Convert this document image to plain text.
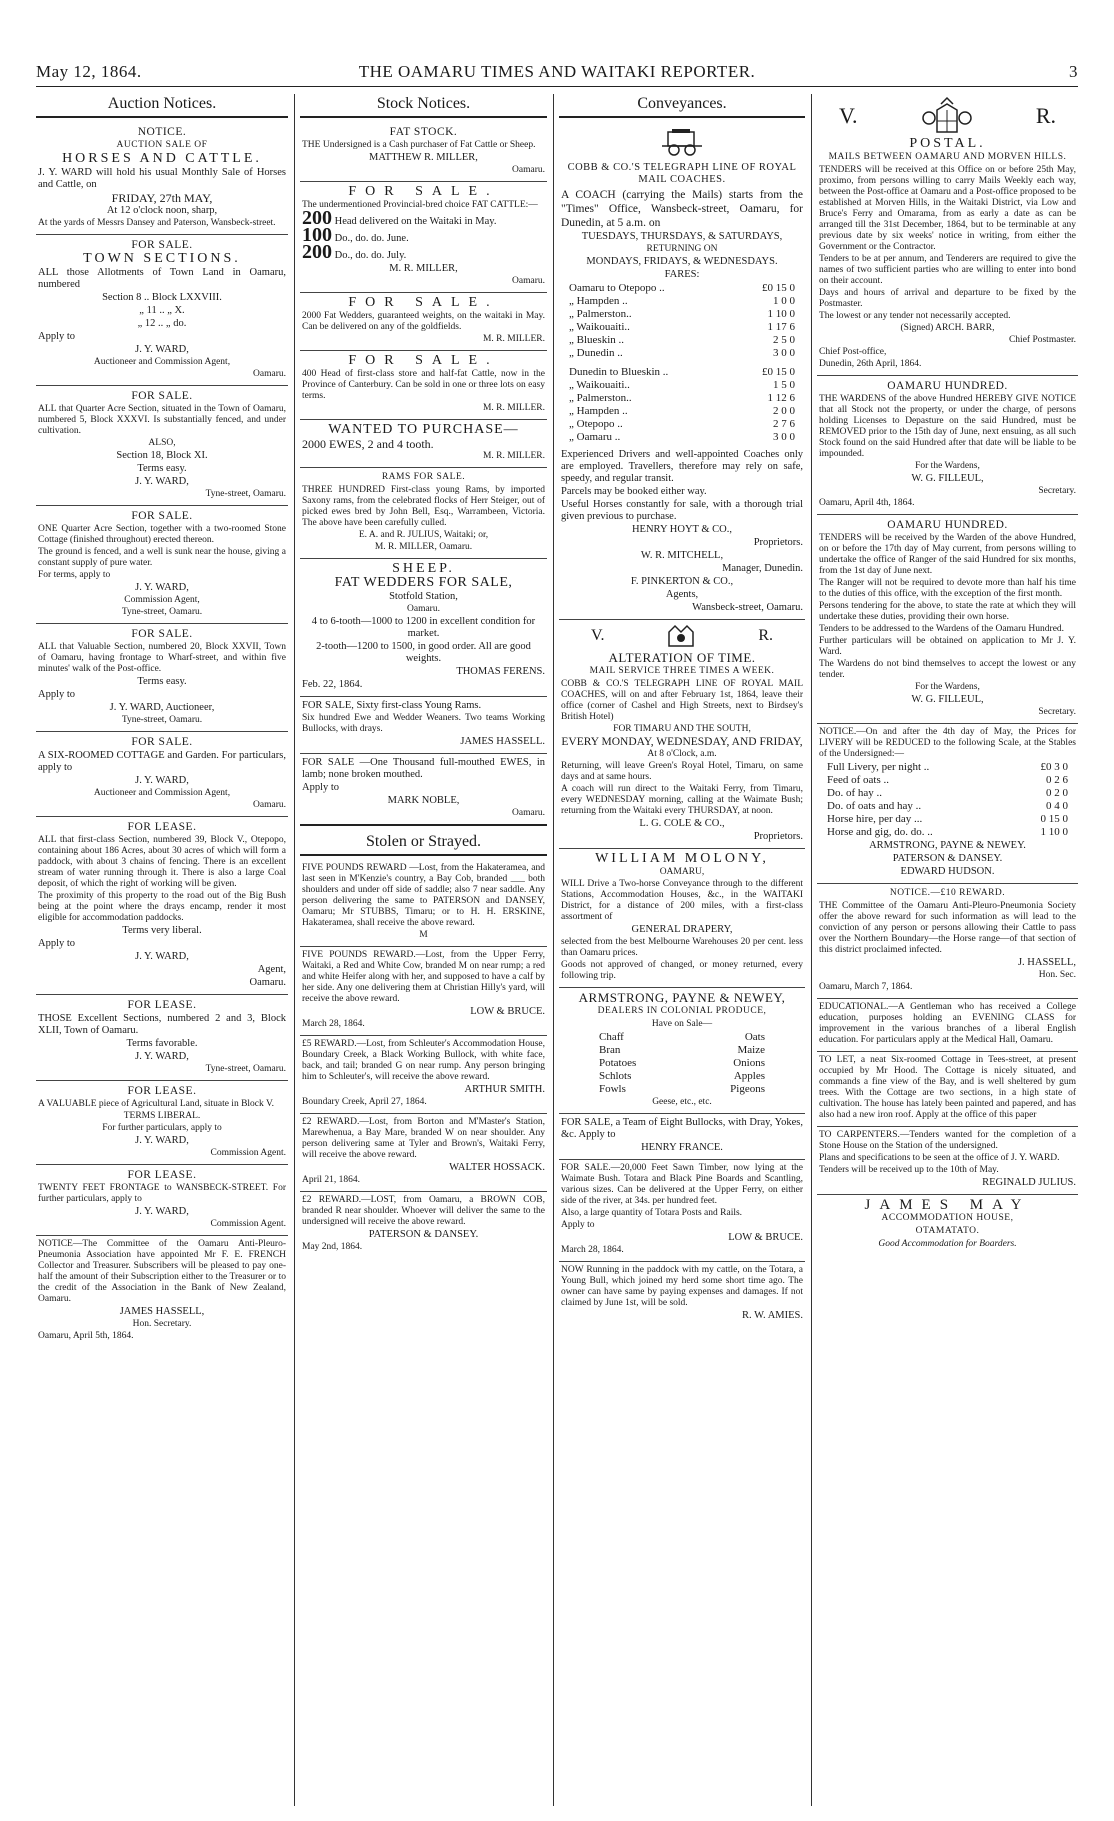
May 12, 1864.	THE OAMARU TIMES AND WAITAKI REPORTER.	3
Auction Notices.
NOTICE.
AUCTION SALE OF
HORSES AND CATTLE.

J. Y. WARD will hold his usual Monthly Sale of Horses and Cattle, on

FRIDAY, 27th MAY,

At 12 o'clock noon, sharp,

At the yards of Messrs Dansey and Paterson, Wansbeck-street.

FOR SALE.
TOWN SECTIONS.

ALL those Allotments of Town Land in Oamaru, numbered

Section 8 .. Block LXXVIII.

„ 11 .. „ X.

„ 12 .. „ do.

Apply to

J. Y. WARD,

Auctioneer and Commission Agent,

Oamaru.

FOR SALE.

ALL that Quarter Acre Section, situated in the Town of Oamaru, numbered 5, Block XXXVI. Is substantially fenced, and under cultivation.

ALSO,

Section 18, Block XI.

Terms easy.

J. Y. WARD,

Tyne-street, Oamaru.

FOR SALE.

ONE Quarter Acre Section, together with a two-roomed Stone Cottage (finished throughout) erected thereon.

The ground is fenced, and a well is sunk near the house, giving a constant supply of pure water.

For terms, apply to

J. Y. WARD,

Commission Agent,

Tyne-street, Oamaru.

FOR SALE.

ALL that Valuable Section, numbered 20, Block XXVII, Town of Oamaru, having frontage to Wharf-street, and within five minutes' walk of the Post-office.

Terms easy.

Apply to

J. Y. WARD, Auctioneer,

Tyne-street, Oamaru.

FOR SALE.

A SIX-ROOMED COTTAGE and Garden. For particulars, apply to

J. Y. WARD,

Auctioneer and Commission Agent,

Oamaru.

FOR LEASE.

ALL that first-class Section, numbered 39, Block V., Otepopo, containing about 186 Acres, about 30 acres of which will form a paddock, with about 3 chains of fencing. There is an excellent stream of water running through it. There is also a large Coal deposit, of which the right of working will be given.

The proximity of this property to the road out of the Big Bush being at the point where the drays encamp, render it most eligible for accommodation paddocks.

Terms very liberal.

Apply to

J. Y. WARD,

Agent,

Oamaru.

FOR LEASE.

THOSE Excellent Sections, numbered 2 and 3, Block XLII, Town of Oamaru.

Terms favorable.

J. Y. WARD,

Tyne-street, Oamaru.

FOR LEASE.

A VALUABLE piece of Agricultural Land, situate in Block V.

TERMS LIBERAL.

For further particulars, apply to

J. Y. WARD,

Commission Agent.

FOR LEASE.

TWENTY FEET FRONTAGE to WANSBECK-STREET. For further particulars, apply to

J. Y. WARD,

Commission Agent.

NOTICE—The Committee of the Oamaru Anti-Pleuro-Pneumonia Association have appointed Mr F. E. FRENCH Collector and Treasurer. Subscribers will be pleased to pay one-half the amount of their Subscription either to the Treasurer or to the credit of the Association in the Bank of New Zealand, Oamaru.

JAMES HASSELL,

Hon. Secretary.

Oamaru, April 5th, 1864.

Stock Notices.
FAT STOCK.

THE Undersigned is a Cash purchaser of Fat Cattle or Sheep.

MATTHEW R. MILLER,

Oamaru.

FOR SALE.

The undermentioned Provincial-bred choice FAT CATTLE:—

200 Head delivered on the Waitaki in May.

100 Do., do. do. June.

200 Do., do. do. July.

M. R. MILLER,

Oamaru.

FOR SALE.

2000 Fat Wedders, guaranteed weights, on the waitaki in May. Can be delivered on any of the goldfields.

M. R. MILLER.

FOR SALE.

400 Head of first-class store and half-fat Cattle, now in the Province of Canterbury. Can be sold in one or three lots on easy terms.

M. R. MILLER.

WANTED TO PURCHASE—

2000 EWES, 2 and 4 tooth.

M. R. MILLER.

RAMS FOR SALE.

THREE HUNDRED First-class young Rams, by imported Saxony rams, from the celebrated flocks of Herr Steiger, out of picked ewes bred by John Bell, Esq., Warrambeen, Victoria. The above have been carefully culled.

E. A. and R. JULIUS, Waitaki; or,

M. R. MILLER, Oamaru.

SHEEP.
FAT WEDDERS FOR SALE,

Stotfold Station,

Oamaru.

4 to 6-tooth—1000 to 1200 in excellent condition for market.

2-tooth—1200 to 1500, in good order. All are good weights.

THOMAS FERENS.

Feb. 22, 1864.

FOR SALE, Sixty first-class Young Rams.

Six hundred Ewe and Wedder Weaners. Two teams Working Bullocks, with drays.

JAMES HASSELL.

FOR SALE —One Thousand full-mouthed EWES, in lamb; none broken mouthed.

Apply to

MARK NOBLE,

Oamaru.

Stolen or Strayed.

FIVE POUNDS REWARD —Lost, from the Hakateramea, and last seen in M'Kenzie's country, a Bay Cob, branded ___ both shoulders and under off side of saddle; also 7 near saddle. Any person delivering the same to PATERSON and DANSEY, Oamaru; Mr STUBBS, Timaru; or to H. H. ERSKINE, Hakateramea, shall receive the above reward.

M

FIVE POUNDS REWARD.—Lost, from the Upper Ferry, Waitaki, a Red and White Cow, branded M on near rump; a red and white Heifer along with her, and supposed to have a calf by her side. Any one delivering them at Christian Hilly's yard, will receive the above reward.

LOW & BRUCE.

March 28, 1864.

£5 REWARD.—Lost, from Schleuter's Accommodation House, Boundary Creek, a Black Working Bullock, with white face, back, and tail; branded G on near rump. Any person bringing him to Schleuter's, will receive the above reward.

ARTHUR SMITH.

Boundary Creek, April 27, 1864.

£2 REWARD.—Lost, from Borton and M'Master's Station, Marewhenua, a Bay Mare, branded W on near shoulder. Any person delivering same at Tyler and Brown's, Waitaki Ferry, will receive the above reward.

WALTER HOSSACK.

April 21, 1864.

£2 REWARD.—LOST, from Oamaru, a BROWN COB, branded R near shoulder. Whoever will deliver the same to the undersigned will receive the above reward.

PATERSON & DANSEY.

May 2nd, 1864.

Conveyances.
COBB & CO.'S TELEGRAPH LINE OF ROYAL MAIL COACHES.

A COACH (carrying the Mails) starts from the "Times" Office, Wansbeck-street, Oamaru, for Dunedin, at 5 a.m. on

TUESDAYS, THURSDAYS, & SATURDAYS,

RETURNING ON

MONDAYS, FRIDAYS, & WEDNESDAYS.

FARES:

Oamaru to Otepopo ..	£0 15 0
„ Hampden ..	1 0 0
„ Palmerston..	1 10 0
„ Waikouaiti..	1 17 6
„ Blueskin ..	2 5 0
„ Dunedin ..	3 0 0
Dunedin to Blueskin ..	£0 15 0
„ Waikouaiti..	1 5 0
„ Palmerston..	1 12 6
„ Hampden ..	2 0 0
„ Otepopo ..	2 7 6
„ Oamaru ..	3 0 0

Experienced Drivers and well-appointed Coaches only are employed. Travellers, therefore may rely on safe, speedy, and regular transit.

Parcels may be booked either way.

Useful Horses constantly for sale, with a thorough trial given previous to purchase.

HENRY HOYT & CO.,

Proprietors.

W. R. MITCHELL,

Manager, Dunedin.

F. PINKERTON & CO.,

Agents,

Wansbeck-street, Oamaru.

V.	R.
ALTERATION OF TIME.
MAIL SERVICE THREE TIMES A WEEK.

COBB & CO.'S TELEGRAPH LINE OF ROYAL MAIL COACHES, will on and after February 1st, 1864, leave their office (corner of Cashel and High Streets, next to Birdsey's British Hotel)

FOR TIMARU AND THE SOUTH,

EVERY MONDAY, WEDNESDAY, AND FRIDAY,

At 8 o'Clock, a.m.

Returning, will leave Green's Royal Hotel, Timaru, on same days and at same hours.

A coach will run direct to the Waitaki Ferry, from Timaru, every WEDNESDAY morning, calling at the Waimate Bush; returning from the Waitaki every THURSDAY, at noon.

L. G. COLE & CO.,

Proprietors.

WILLIAM MOLONY,

OAMARU,

WILL Drive a Two-horse Conveyance through to the different Stations, Accommodation Houses, &c., in the WAITAKI District, for a distance of 200 miles, with a first-class assortment of

GENERAL DRAPERY,

selected from the best Melbourne Warehouses 20 per cent. less than Oamaru prices.

Goods not approved of changed, or money returned, every following trip.

ARMSTRONG, PAYNE & NEWEY,
DEALERS IN COLONIAL PRODUCE,

Have on Sale—

Chaff	Oats
Bran	Maize
Potatoes	Onions
Schlots	Apples
Fowls	Pigeons

Geese, etc., etc.

FOR SALE, a Team of Eight Bullocks, with Dray, Yokes, &c. Apply to

HENRY FRANCE.

FOR SALE.—20,000 Feet Sawn Timber, now lying at the Waimate Bush. Totara and Black Pine Boards and Scantling, various sizes. Can be delivered at the Upper Ferry, on either side of the river, at 34s. per hundred feet.

Also, a large quantity of Totara Posts and Rails.

Apply to

LOW & BRUCE.

March 28, 1864.

NOW Running in the paddock with my cattle, on the Totara, a Young Bull, which joined my herd some short time ago. The owner can have same by paying expenses and damages. If not claimed by June 1st, will be sold.

R. W. AMIES.

V.	R.
POSTAL.
MAILS BETWEEN OAMARU AND MORVEN HILLS.

TENDERS will be received at this Office on or before 25th May, proximo, from persons willing to carry Mails Weekly each way, between the Post-office at Oamaru and a Post-office proposed to be established at Morven Hills, in the Waitaki District, via Low and Bruce's Ferry and Omarama, from as early a date as can be arranged till the 31st December, 1864, but to be terminable at any previous date by six weeks' notice in writing, from either the Government or the Contractor.

Tenders to be at per annum, and Tenderers are required to give the names of two sufficient parties who are willing to enter into bond on their account.

Days and hours of arrival and departure to be fixed by the Postmaster.

The lowest or any tender not necessarily accepted.

(Signed) ARCH. BARR,

Chief Postmaster.

Chief Post-office,

Dunedin, 26th April, 1864.

OAMARU HUNDRED.

THE WARDENS of the above Hundred HEREBY GIVE NOTICE that all Stock not the property, or under the charge, of persons holding Licenses to Depasture on the said Hundred, must be REMOVED prior to the 15th day of June, next ensuing, as all such Stock found on the said Hundred after that date will be liable to be impounded.

For the Wardens,

W. G. FILLEUL,

Secretary.

Oamaru, April 4th, 1864.

OAMARU HUNDRED.

TENDERS will be received by the Warden of the above Hundred, on or before the 17th day of May current, from persons willing to undertake the office of Ranger of the said Hundred for six months, from the 1st day of June next.

The Ranger will not be required to devote more than half his time to the duties of this office, with the exception of the first month.

Persons tendering for the above, to state the rate at which they will undertake these duties, providing their own horse.

Tenders to be addressed to the Wardens of the Oamaru Hundred.

Further particulars will be obtained on application to Mr J. Y. Ward.

The Wardens do not bind themselves to accept the lowest or any tender.

For the Wardens,

W. G. FILLEUL,

Secretary.

NOTICE.—On and after the 4th day of May, the Prices for LIVERY will be REDUCED to the following Scale, at the Stables of the Undersigned:—

Full Livery, per night ..	£0 3 0
Feed of oats ..	0 2 6
Do. of hay ..	0 2 0
Do. of oats and hay ..	0 4 0
Horse hire, per day ...	0 15 0
Horse and gig, do. do. ..	1 10 0

ARMSTRONG, PAYNE & NEWEY.

PATERSON & DANSEY.

EDWARD HUDSON.

NOTICE.—£10 REWARD.

THE Committee of the Oamaru Anti-Pleuro-Pneumonia Society offer the above reward for such information as will lead to the conviction of any person or persons allowing their Cattle to pass over the Northern Boundary—the Horse range—of that section of this district proclaimed infected.

J. HASSELL,

Hon. Sec.

Oamaru, March 7, 1864.

EDUCATIONAL.—A Gentleman who has received a College education, purposes holding an EVENING CLASS for improvement in the various branches of a liberal English education. For particulars apply at the Medical Hall, Oamaru.

TO LET, a neat Six-roomed Cottage in Tees-street, at present occupied by Mr Hood. The Cottage is nicely situated, and commands a fine view of the Bay, and is well sheltered by gum trees. With the Cottage are two sections, in a high state of cultivation. The house has lately been painted and papered, and has also had a new iron roof. Apply at the office of this paper

TO CARPENTERS.—Tenders wanted for the completion of a Stone House on the Station of the undersigned.

Plans and specifications to be seen at the office of J. Y. WARD.

Tenders will be received up to the 10th of May.

REGINALD JULIUS.

JAMES MAY
ACCOMMODATION HOUSE,
OTAMATATO.

Good Accommodation for Boarders.
